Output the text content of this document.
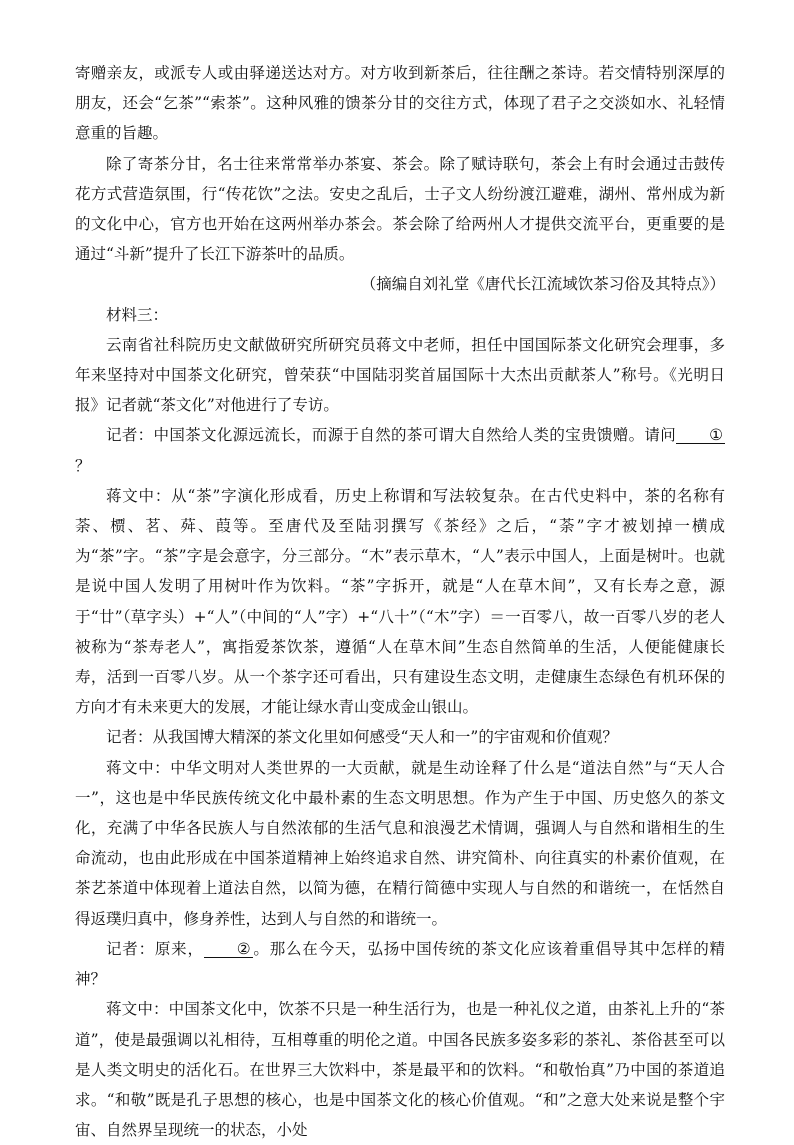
寄赠亲友，或派专人或由驿递送达对方。对方收到新茶后，往往酬之茶诗。若交情特别深厚的朋友，还会“乞茶”“索茶”。这种风雅的馈茶分甘的交往方式，体现了君子之交淡如水、礼轻情意重的旨趣。

除了寄茶分甘，名士往来常常举办茶宴、茶会。除了赋诗联句，茶会上有时会通过击鼓传花方式营造氛围，行“传花饮”之法。安史之乱后，士子文人纷纷渡江避难，湖州、常州成为新的文化中心，官方也开始在这两州举办茶会。茶会除了给两州人才提供交流平台，更重要的是通过“斗新”提升了长江下游茶叶的品质。

（摘编自刘礼堂《唐代长江流域饮茶习俗及其特点》）

材料三：

云南省社科院历史文献做研究所研究员蒋文中老师，担任中国国际茶文化研究会理事，多年来坚持对中国茶文化研究，曾荣获“中国陆羽奖首届国际十大杰出贡献茶人”称号。《光明日报》记者就“茶文化”对他进行了专访。

记者：中国茶文化源远流长，而源于自然的茶可谓大自然给人类的宝贵馈赠。请问 ①？

蒋文中：从“茶”字演化形成看，历史上称谓和写法较复杂。在古代史料中，茶的名称有荼、槚、茗、荈、葭等。至唐代及至陆羽撰写《茶经》之后，“荼”字才被划掉一横成为“茶”字。“茶”字是会意字，分三部分。“木”表示草木，“人”表示中国人，上面是树叶。也就是说中国人发明了用树叶作为饮料。“茶”字拆开，就是“人在草木间”，又有长寿之意，源于“廿”（草字头）+“人”（中间的“人”字）+“八十”（“木”字）＝一百零八，故一百零八岁的老人被称为“茶寿老人”，寓指爱茶饮茶，遵循“人在草木间”生态自然简单的生活，人便能健康长寿，活到一百零八岁。从一个茶字还可看出，只有建设生态文明，走健康生态绿色有机环保的方向才有未来更大的发展，才能让绿水青山变成金山银山。

记者：从我国博大精深的茶文化里如何感受“天人和一”的宇宙观和价值观？

蒋文中：中华文明对人类世界的一大贡献，就是生动诠释了什么是“道法自然”与“天人合一”，这也是中华民族传统文化中最朴素的生态文明思想。作为产生于中国、历史悠久的茶文化，充满了中华各民族人与自然浓郁的生活气息和浪漫艺术情调，强调人与自然和谐相生的生命流动，也由此形成在中国茶道精神上始终追求自然、讲究简朴、向往真实的朴素价值观，在茶艺茶道中体现着上道法自然，以简为德，在精行简德中实现人与自然的和谐统一，在恬然自得返璞归真中，修身养性，达到人与自然的和谐统一。

记者：原来， ② 。那么在今天，弘扬中国传统的茶文化应该着重倡导其中怎样的精神？

蒋文中：中国茶文化中，饮茶不只是一种生活行为，也是一种礼仪之道，由茶礼上升的“茶道”，使是最强调以礼相待，互相尊重的明伦之道。中国各民族多姿多彩的茶礼、茶俗甚至可以是人类文明史的活化石。在世界三大饮料中，茶是最平和的饮料。“和敬怡真”乃中国的茶道追求。“和敬”既是孔子思想的核心，也是中国茶文化的核心价值观。“和”之意大处来说是整个宇宙、自然界呈现统一的状态，小处
